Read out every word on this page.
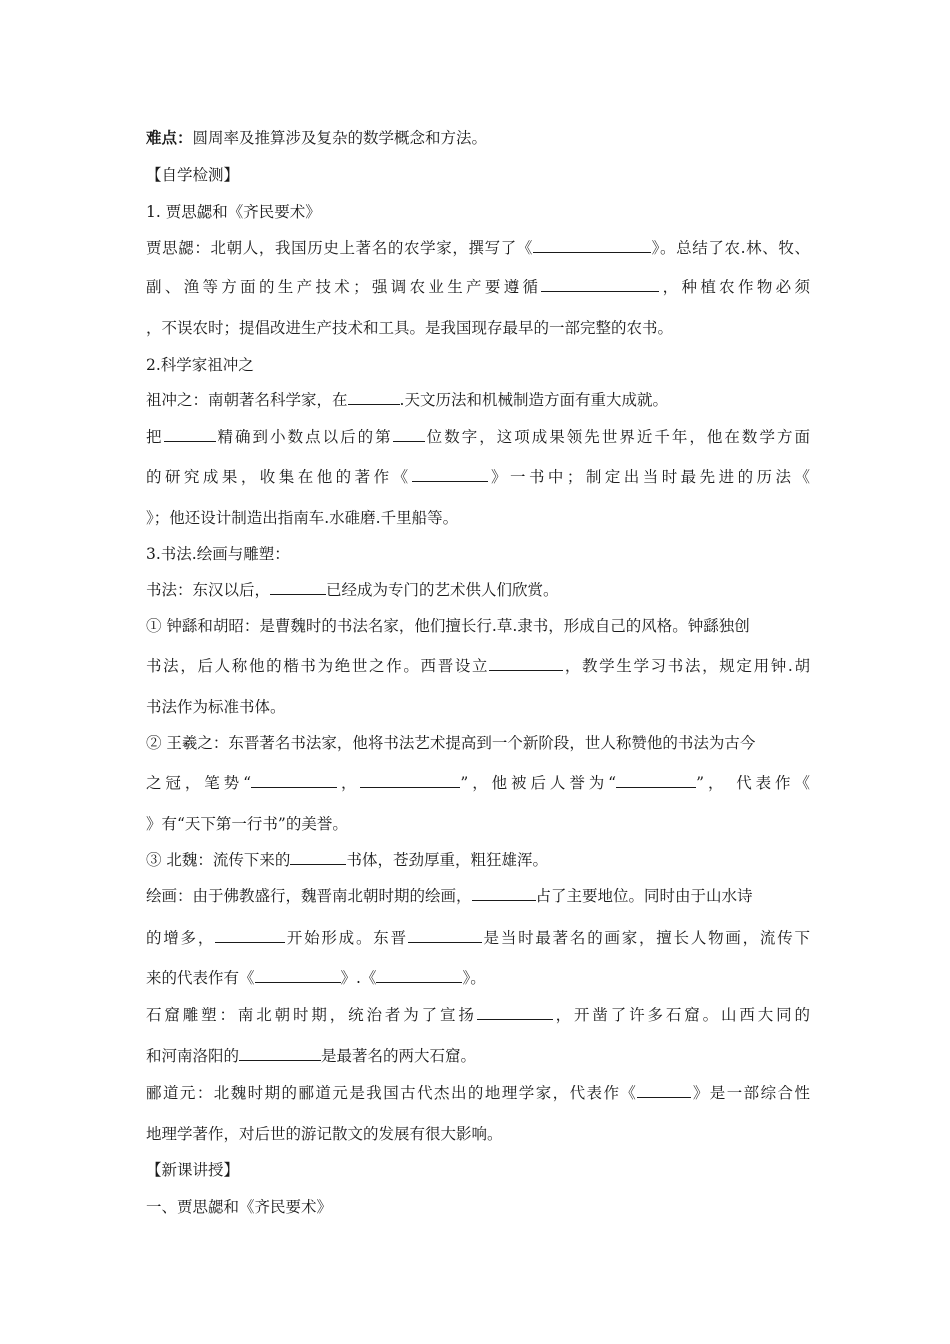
难点：圆周率及推算涉及复杂的数学概念和方法。
【自学检测】
1. 贾思勰和《齐民要术》
贾思勰：北朝人，我国历史上著名的农学家，撰写了《	》。总结了农.林、牧、
副、渔等方面的生产技术；强调农业生产要遵循	，种植农作物必须
，不误农时；提倡改进生产技术和工具。是我国现存最早的一部完整的农书。
2.科学家祖冲之
祖冲之：南朝著名科学家，在	.天文历法和机械制造方面有重大成就。
把	精确到小数点以后的第 位数字，这项成果领先世界近千年，他在数学方面
的研究成果，收集在他的著作《	》一书中；制定出当时最先进的历法《
》；他还设计制造出指南车.水碓磨.千里船等。
3.书法.绘画与雕塑：
书法：东汉以后，	已经成为专门的艺术供人们欣赏。
① 钟繇和胡昭：是曹魏时的书法名家，他们擅长行.草.隶书，形成自己的风格。钟繇独创
书法，后人称他的楷书为绝世之作。西晋设立	，教学生学习书法，规定用钟.胡
书法作为标准书体。
② 王羲之：东晋著名书法家，他将书法艺术提高到一个新阶段，世人称赞他的书法为古今
之冠，笔势“	，	”，他被后人誉为“	”， 代表作《
》有“天下第一行书”的美誉。
③ 北魏：流传下来的	书体，苍劲厚重，粗狂雄浑。
绘画：由于佛教盛行，魏晋南北朝时期的绘画，	占了主要地位。同时由于山水诗
的增多，	开始形成。东晋	是当时最著名的画家，擅长人物画，流传下
来的代表作有《	》.《	》。
石窟雕塑：南北朝时期，统治者为了宣扬	，开凿了许多石窟。山西大同的
和河南洛阳的	是最著名的两大石窟。
郦道元：北魏时期的郦道元是我国古代杰出的地理学家，代表作《	》是一部综合性
地理学著作，对后世的游记散文的发展有很大影响。
【新课讲授】
一、贾思勰和《齐民要术》
